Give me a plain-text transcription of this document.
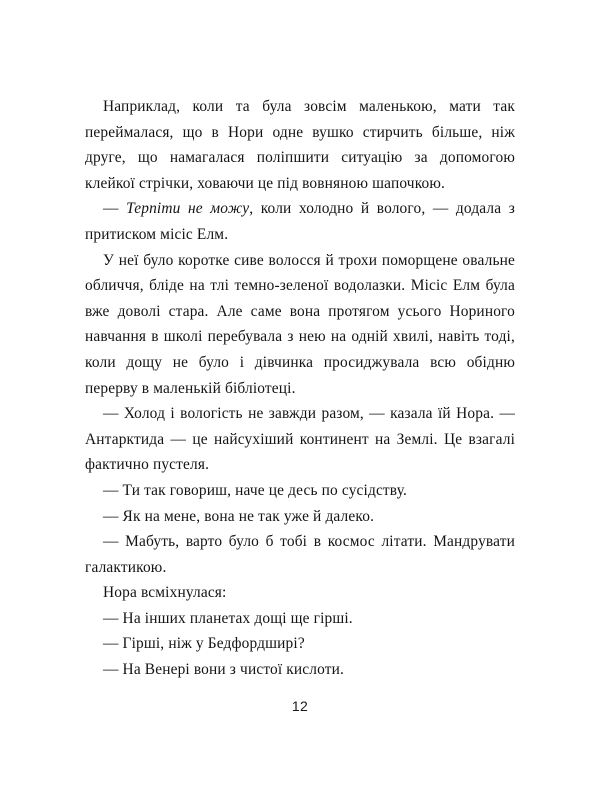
Наприклад, коли та була зовсім маленькою, мати так переймалася, що в Нори одне вушко стирчить більше, ніж друге, що намагалася поліпшити ситуацію за допомогою клейкої стрічки, ховаючи це під вовняною шапочкою.

— Терпіти не можу, коли холодно й волого, — додала з притиском місіс Елм.

У неї було коротке сиве волосся й трохи поморщене овальне обличчя, бліде на тлі темно-зеленої водолазки. Місіс Елм була вже доволі стара. Але саме вона протягом усього Нориного навчання в школі перебувала з нею на одній хвилі, навіть тоді, коли дощу не було і дівчинка просиджувала всю обідню перерву в маленькій бібліотеці.

— Холод і вологість не завжди разом, — казала їй Нора. — Антарктида — це найсухіший континент на Землі. Це взагалі фактично пустеля.

— Ти так говориш, наче це десь по сусідству.

— Як на мене, вона не так уже й далеко.

— Мабуть, варто було б тобі в космос літати. Мандрувати галактикою.

Нора всміхнулася:

— На інших планетах дощі ще гірші.

— Гірші, ніж у Бедфордширі?

— На Венері вони з чистої кислоти.

12
